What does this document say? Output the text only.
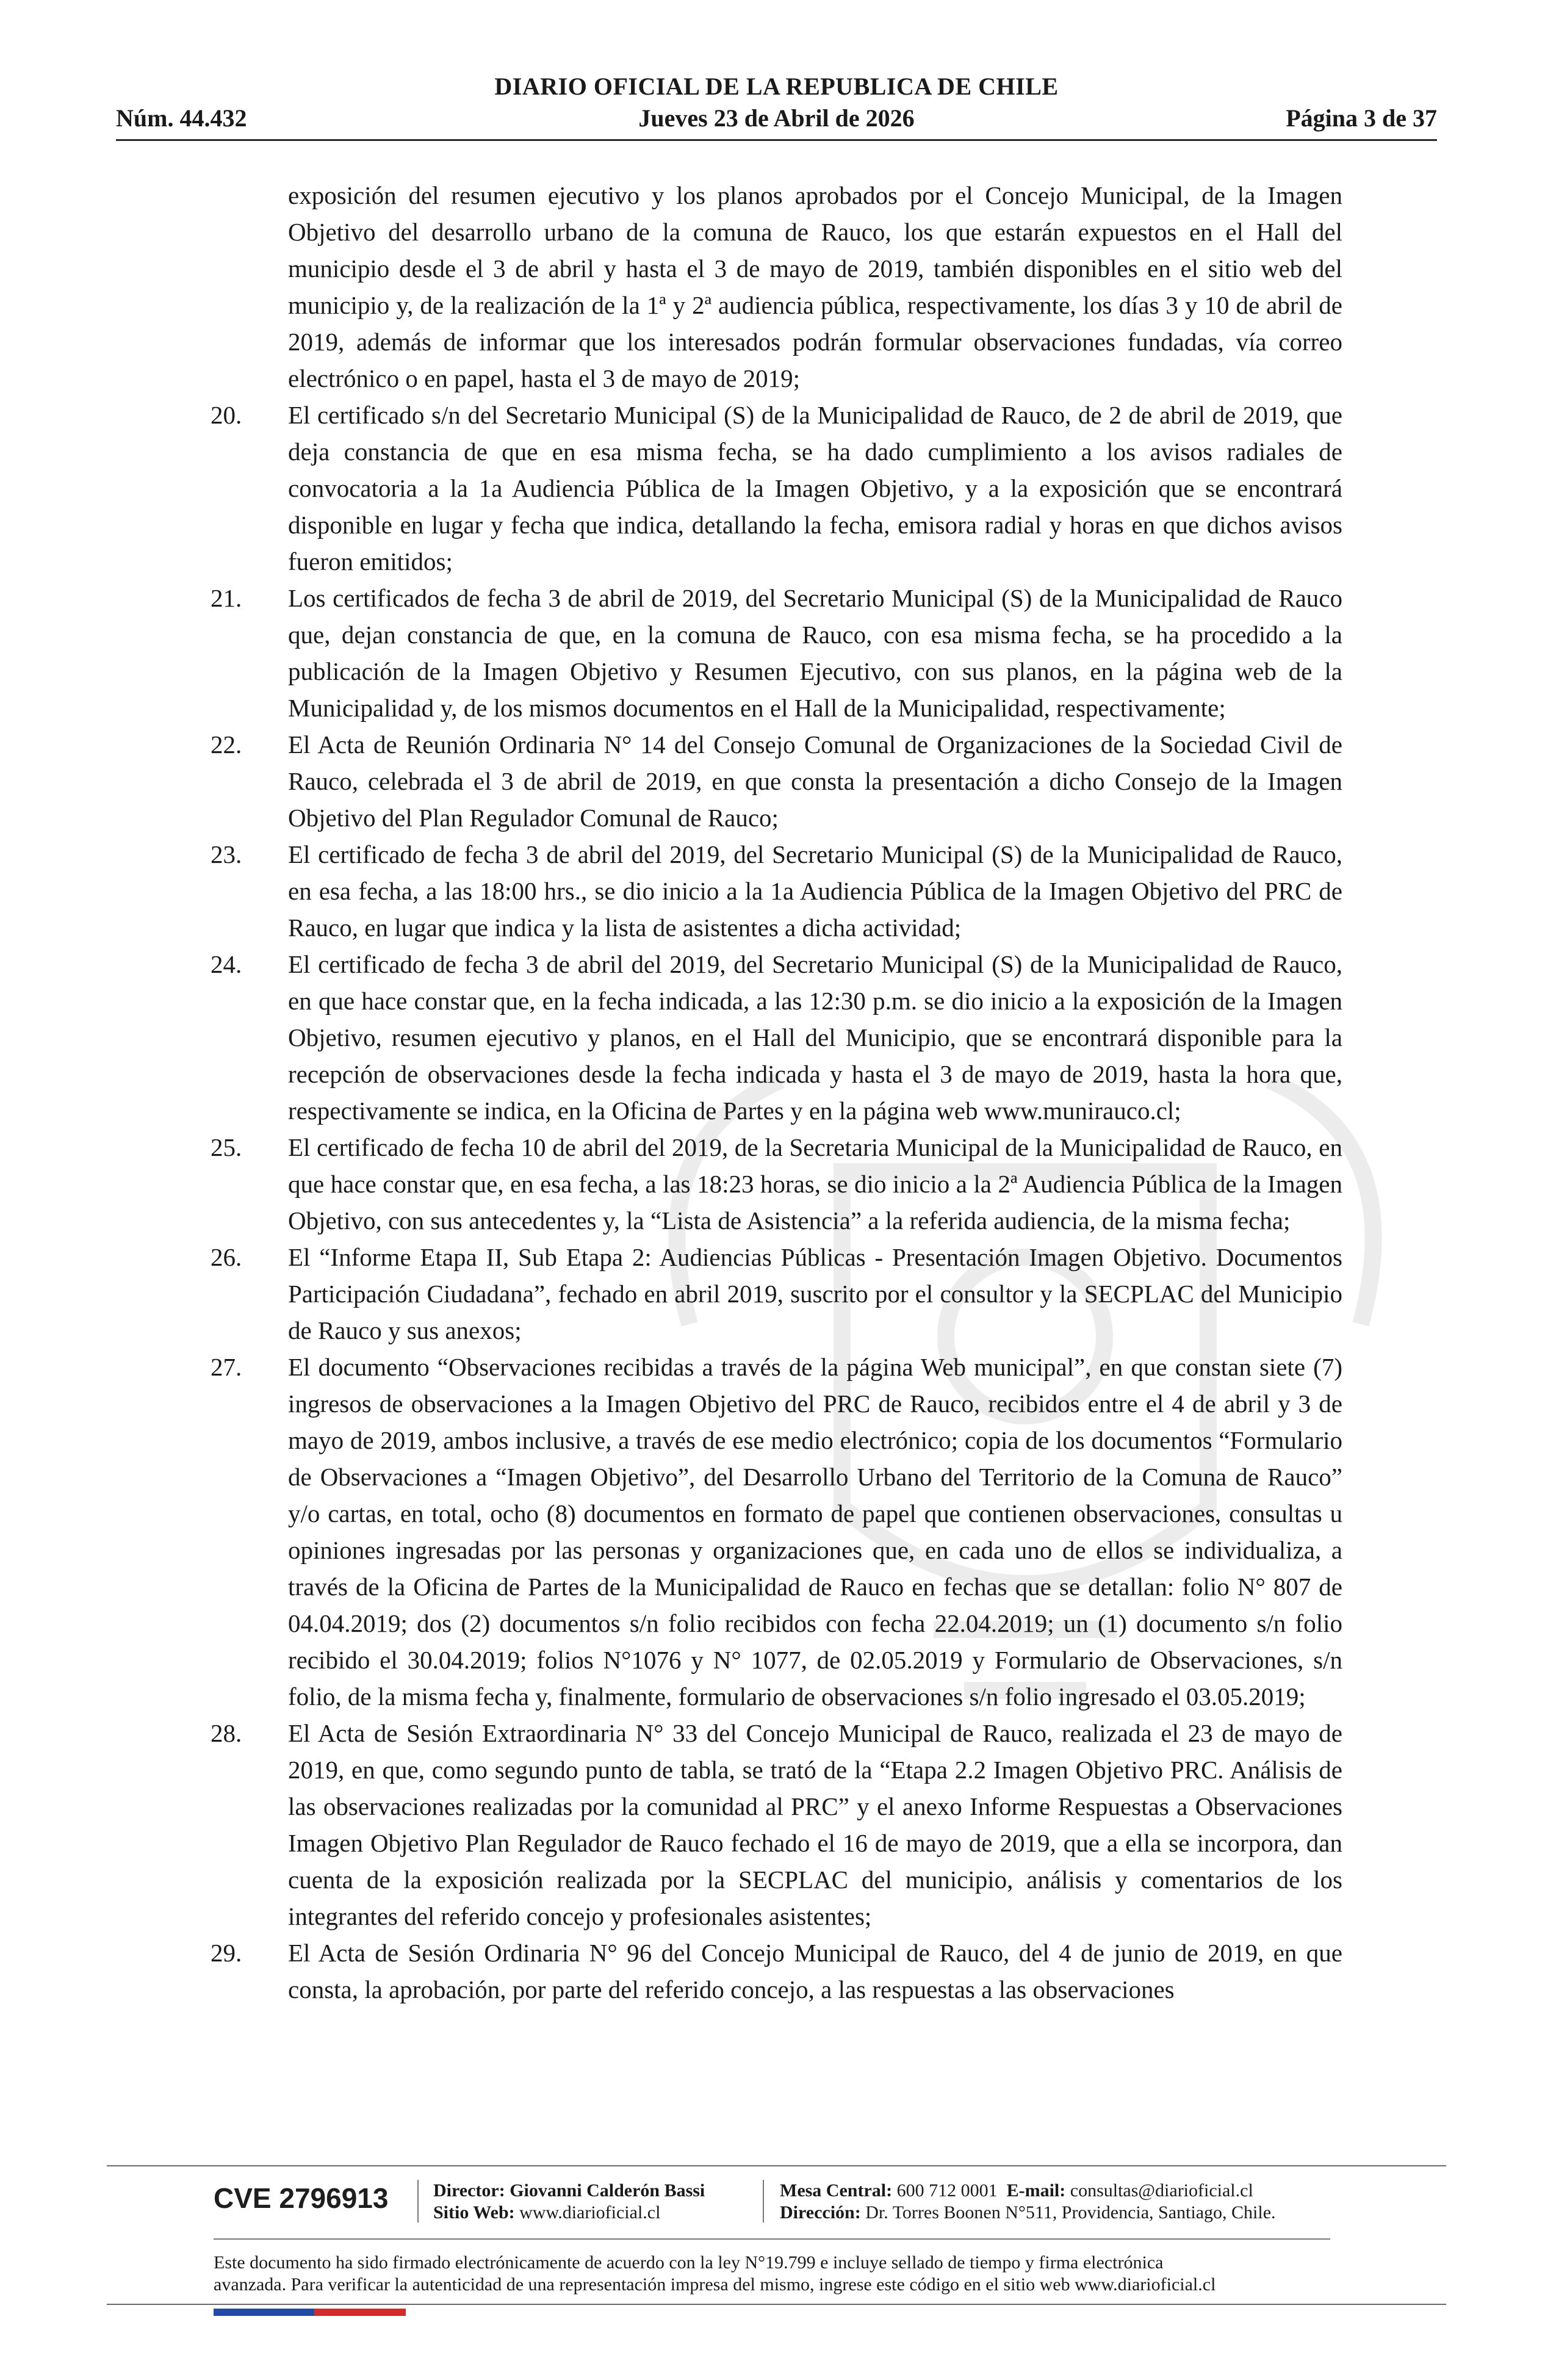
DIARIO OFICIAL DE LA REPUBLICA DE CHILE
Núm. 44.432	Jueves 23 de Abril de 2026	Página 3 de 37

exposición del resumen ejecutivo y los planos aprobados por el Concejo Municipal, de la Imagen Objetivo del desarrollo urbano de la comuna de Rauco, los que estarán expuestos en el Hall del municipio desde el 3 de abril y hasta el 3 de mayo de 2019, también disponibles en el sitio web del municipio y, de la realización de la 1ª y 2ª audiencia pública, respectivamente, los días 3 y 10 de abril de 2019, además de informar que los interesados podrán formular observaciones fundadas, vía correo electrónico o en papel, hasta el 3 de mayo de 2019;

20. El certificado s/n del Secretario Municipal (S) de la Municipalidad de Rauco, de 2 de abril de 2019, que deja constancia de que en esa misma fecha, se ha dado cumplimiento a los avisos radiales de convocatoria a la 1a Audiencia Pública de la Imagen Objetivo, y a la exposición que se encontrará disponible en lugar y fecha que indica, detallando la fecha, emisora radial y horas en que dichos avisos fueron emitidos;
21. Los certificados de fecha 3 de abril de 2019, del Secretario Municipal (S) de la Municipalidad de Rauco que, dejan constancia de que, en la comuna de Rauco, con esa misma fecha, se ha procedido a la publicación de la Imagen Objetivo y Resumen Ejecutivo, con sus planos, en la página web de la Municipalidad y, de los mismos documentos en el Hall de la Municipalidad, respectivamente;
22. El Acta de Reunión Ordinaria N° 14 del Consejo Comunal de Organizaciones de la Sociedad Civil de Rauco, celebrada el 3 de abril de 2019, en que consta la presentación a dicho Consejo de la Imagen Objetivo del Plan Regulador Comunal de Rauco;
23. El certificado de fecha 3 de abril del 2019, del Secretario Municipal (S) de la Municipalidad de Rauco, en esa fecha, a las 18:00 hrs., se dio inicio a la 1a Audiencia Pública de la Imagen Objetivo del PRC de Rauco, en lugar que indica y la lista de asistentes a dicha actividad;
24. El certificado de fecha 3 de abril del 2019, del Secretario Municipal (S) de la Municipalidad de Rauco, en que hace constar que, en la fecha indicada, a las 12:30 p.m. se dio inicio a la exposición de la Imagen Objetivo, resumen ejecutivo y planos, en el Hall del Municipio, que se encontrará disponible para la recepción de observaciones desde la fecha indicada y hasta el 3 de mayo de 2019, hasta la hora que, respectivamente se indica, en la Oficina de Partes y en la página web www.munirauco.cl;
25. El certificado de fecha 10 de abril del 2019, de la Secretaria Municipal de la Municipalidad de Rauco, en que hace constar que, en esa fecha, a las 18:23 horas, se dio inicio a la 2ª Audiencia Pública de la Imagen Objetivo, con sus antecedentes y, la “Lista de Asistencia” a la referida audiencia, de la misma fecha;
26. El “Informe Etapa II, Sub Etapa 2: Audiencias Públicas - Presentación Imagen Objetivo. Documentos Participación Ciudadana”, fechado en abril 2019, suscrito por el consultor y la SECPLAC del Municipio de Rauco y sus anexos;
27. El documento “Observaciones recibidas a través de la página Web municipal”, en que constan siete (7) ingresos de observaciones a la Imagen Objetivo del PRC de Rauco, recibidos entre el 4 de abril y 3 de mayo de 2019, ambos inclusive, a través de ese medio electrónico; copia de los documentos “Formulario de Observaciones a “Imagen Objetivo”, del Desarrollo Urbano del Territorio de la Comuna de Rauco” y/o cartas, en total, ocho (8) documentos en formato de papel que contienen observaciones, consultas u opiniones ingresadas por las personas y organizaciones que, en cada uno de ellos se individualiza, a través de la Oficina de Partes de la Municipalidad de Rauco en fechas que se detallan: folio N° 807 de 04.04.2019; dos (2) documentos s/n folio recibidos con fecha 22.04.2019; un (1) documento s/n folio recibido el 30.04.2019; folios N°1076 y N° 1077, de 02.05.2019 y Formulario de Observaciones, s/n folio, de la misma fecha y, finalmente, formulario de observaciones s/n folio ingresado el 03.05.2019;
28. El Acta de Sesión Extraordinaria N° 33 del Concejo Municipal de Rauco, realizada el 23 de mayo de 2019, en que, como segundo punto de tabla, se trató de la “Etapa 2.2 Imagen Objetivo PRC. Análisis de las observaciones realizadas por la comunidad al PRC” y el anexo Informe Respuestas a Observaciones Imagen Objetivo Plan Regulador de Rauco fechado el 16 de mayo de 2019, que a ella se incorpora, dan cuenta de la exposición realizada por la SECPLAC del municipio, análisis y comentarios de los integrantes del referido concejo y profesionales asistentes;
29. El Acta de Sesión Ordinaria N° 96 del Concejo Municipal de Rauco, del 4 de junio de 2019, en que consta, la aprobación, por parte del referido concejo, a las respuestas a las observaciones
CVE 2796913 Director: Giovanni Calderón Bassi
Sitio Web: www.diarioficial.cl
Mesa Central: 600 712 0001 E-mail: consultas@diarioficial.cl
Dirección: Dr. Torres Boonen N°511, Providencia, Santiago, Chile.
Este documento ha sido firmado electrónicamente de acuerdo con la ley N°19.799 e incluye sellado de tiempo y firma electrónica
avanzada. Para verificar la autenticidad de una representación impresa del mismo, ingrese este código en el sitio web www.diarioficial.cl
